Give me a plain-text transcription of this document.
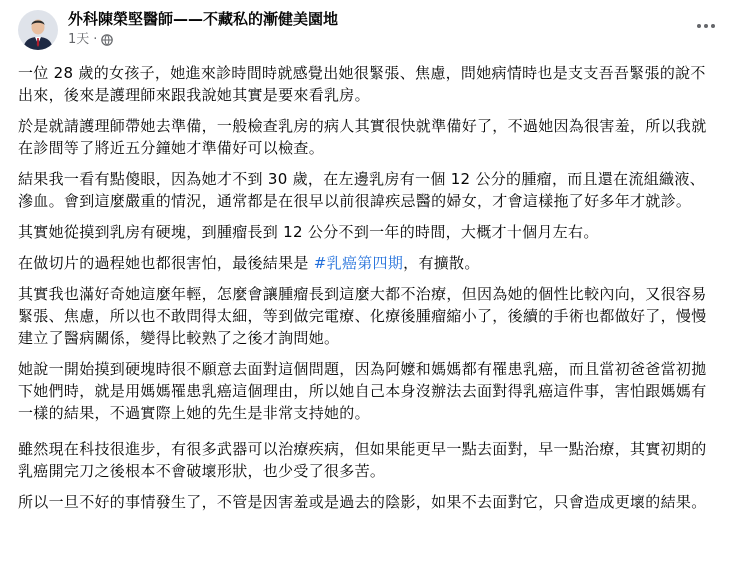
外科陳榮堅醫師——不藏私的漸健美園地
1天 ·

一位 28 歲的女孩子，她進來診時間時就感覺出她很緊張、焦慮，問她病情時也是支支吾吾緊張的說不出來，後來是護理師來跟我說她其實是要來看乳房。

於是就請護理師帶她去準備，一般檢查乳房的病人其實很快就準備好了，不過她因為很害羞，所以我就在診間等了將近五分鐘她才準備好可以檢查。

結果我一看有點傻眼，因為她才不到 30 歲，在左邊乳房有一個 12 公分的腫瘤，而且還在流組織液、滲血。會到這麼嚴重的情況，通常都是在很早以前很諱疾忌醫的婦女，才會這樣拖了好多年才就診。

其實她從摸到乳房有硬塊，到腫瘤長到 12 公分不到一年的時間，大概才十個月左右。

在做切片的過程她也都很害怕，最後結果是 #乳癌第四期，有擴散。

其實我也滿好奇她這麼年輕，怎麼會讓腫瘤長到這麼大都不治療，但因為她的個性比較內向，又很容易緊張、焦慮，所以也不敢問得太細，等到做完電療、化療後腫瘤縮小了，後續的手術也都做好了，慢慢建立了醫病關係，變得比較熟了之後才詢問她。

她說一開始摸到硬塊時很不願意去面對這個問題，因為阿嬤和媽媽都有罹患乳癌，而且當初爸爸當初拋下她們時，就是用媽媽罹患乳癌這個理由，所以她自己本身沒辦法去面對得乳癌這件事，害怕跟媽媽有一樣的結果，不過實際上她的先生是非常支持她的。

雖然現在科技很進步，有很多武器可以治療疾病，但如果能更早一點去面對，早一點治療，其實初期的乳癌開完刀之後根本不會破壞形狀，也少受了很多苦。

所以一旦不好的事情發生了，不管是因害羞或是過去的陰影，如果不去面對它，只會造成更壞的結果。
